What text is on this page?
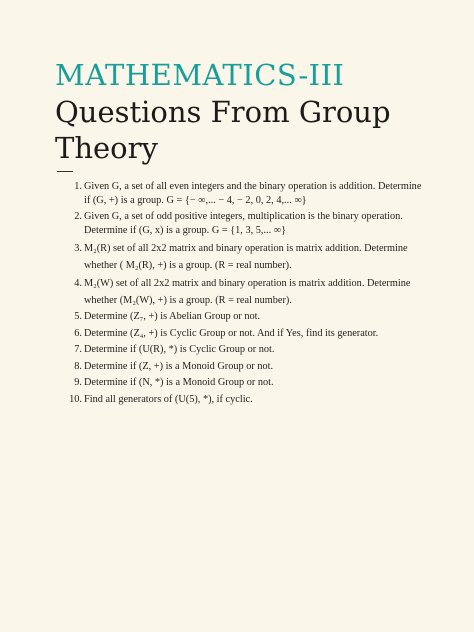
MATHEMATICS-III
Questions From Group Theory
1. Given G, a set of all even integers and the binary operation is addition. Determine if (G, +) is a group. G = {− ∞,... − 4, − 2, 0, 2, 4,... ∞}
2. Given G, a set of odd positive integers, multiplication is the binary operation. Determine if (G, x) is a group. G = {1, 3, 5,... ∞}
3. M₂(R) set of all 2x2 matrix and binary operation is matrix addition. Determine whether ( M₂(R), +) is a group. (R = real number).
4. M₂(W) set of all 2x2 matrix and binary operation is matrix addition. Determine whether (M₂(W), +) is a group. (R = real number).
5. Determine (Z₇, +) is Abelian Group or not.
6. Determine (Z₄, +) is Cyclic Group or not. And if Yes, find its generator.
7. Determine if (U(R), *) is Cyclic Group or not.
8. Determine if (Z, +) is a Monoid Group or not.
9. Determine if (N, *) is a Monoid Group or not.
10. Find all generators of (U(5), *), if cyclic.
